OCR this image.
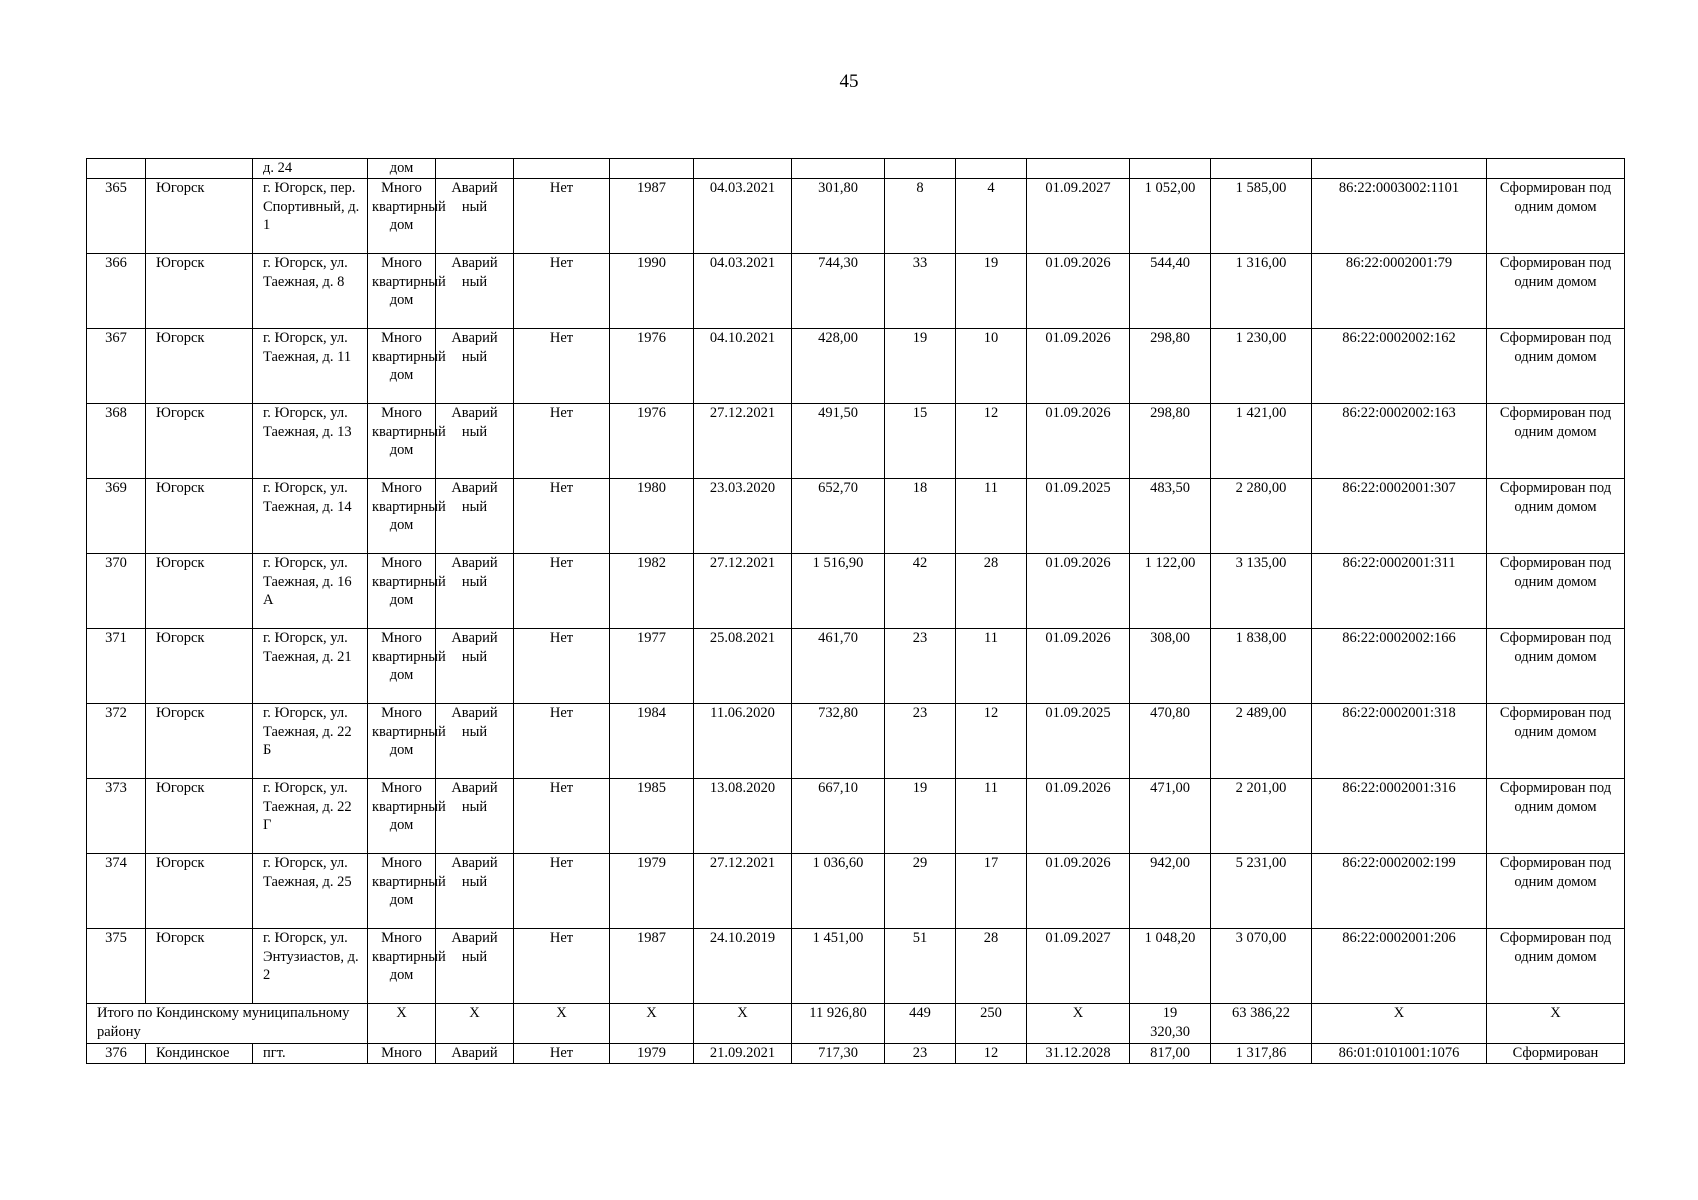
45
		д. 24	дом												
365	Югорск	г. Югорск, пер. Спортивный, д. 1	Много квартирный дом	Аварий ный	Нет	1987	04.03.2021	301,80	8	4	01.09.2027	1 052,00	1 585,00	86:22:0003002:1101	Сформирован под одним домом
366	Югорск	г. Югорск, ул. Таежная, д. 8	Много квартирный дом	Аварий ный	Нет	1990	04.03.2021	744,30	33	19	01.09.2026	544,40	1 316,00	86:22:0002001:79	Сформирован под одним домом
367	Югорск	г. Югорск, ул. Таежная, д. 11	Много квартирный дом	Аварий ный	Нет	1976	04.10.2021	428,00	19	10	01.09.2026	298,80	1 230,00	86:22:0002002:162	Сформирован под одним домом
368	Югорск	г. Югорск, ул. Таежная, д. 13	Много квартирный дом	Аварий ный	Нет	1976	27.12.2021	491,50	15	12	01.09.2026	298,80	1 421,00	86:22:0002002:163	Сформирован под одним домом
369	Югорск	г. Югорск, ул. Таежная, д. 14	Много квартирный дом	Аварий ный	Нет	1980	23.03.2020	652,70	18	11	01.09.2025	483,50	2 280,00	86:22:0002001:307	Сформирован под одним домом
370	Югорск	г. Югорск, ул. Таежная, д. 16 А	Много квартирный дом	Аварий ный	Нет	1982	27.12.2021	1 516,90	42	28	01.09.2026	1 122,00	3 135,00	86:22:0002001:311	Сформирован под одним домом
371	Югорск	г. Югорск, ул. Таежная, д. 21	Много квартирный дом	Аварий ный	Нет	1977	25.08.2021	461,70	23	11	01.09.2026	308,00	1 838,00	86:22:0002002:166	Сформирован под одним домом
372	Югорск	г. Югорск, ул. Таежная, д. 22 Б	Много квартирный дом	Аварий ный	Нет	1984	11.06.2020	732,80	23	12	01.09.2025	470,80	2 489,00	86:22:0002001:318	Сформирован под одним домом
373	Югорск	г. Югорск, ул. Таежная, д. 22 Г	Много квартирный дом	Аварий ный	Нет	1985	13.08.2020	667,10	19	11	01.09.2026	471,00	2 201,00	86:22:0002001:316	Сформирован под одним домом
374	Югорск	г. Югорск, ул. Таежная, д. 25	Много квартирный дом	Аварий ный	Нет	1979	27.12.2021	1 036,60	29	17	01.09.2026	942,00	5 231,00	86:22:0002002:199	Сформирован под одним домом
375	Югорск	г. Югорск, ул. Энтузиастов, д. 2	Много квартирный дом	Аварий ный	Нет	1987	24.10.2019	1 451,00	51	28	01.09.2027	1 048,20	3 070,00	86:22:0002001:206	Сформирован под одним домом
Итого по Кондинскому муниципальному району			X	X	X	X	X	11 926,80	449	250	X	19 320,30	63 386,22	X	X
376	Кондинское	пгт.	Много	Аварий	Нет	1979	21.09.2021	717,30	23	12	31.12.2028	817,00	1 317,86	86:01:0101001:1076	Сформирован
